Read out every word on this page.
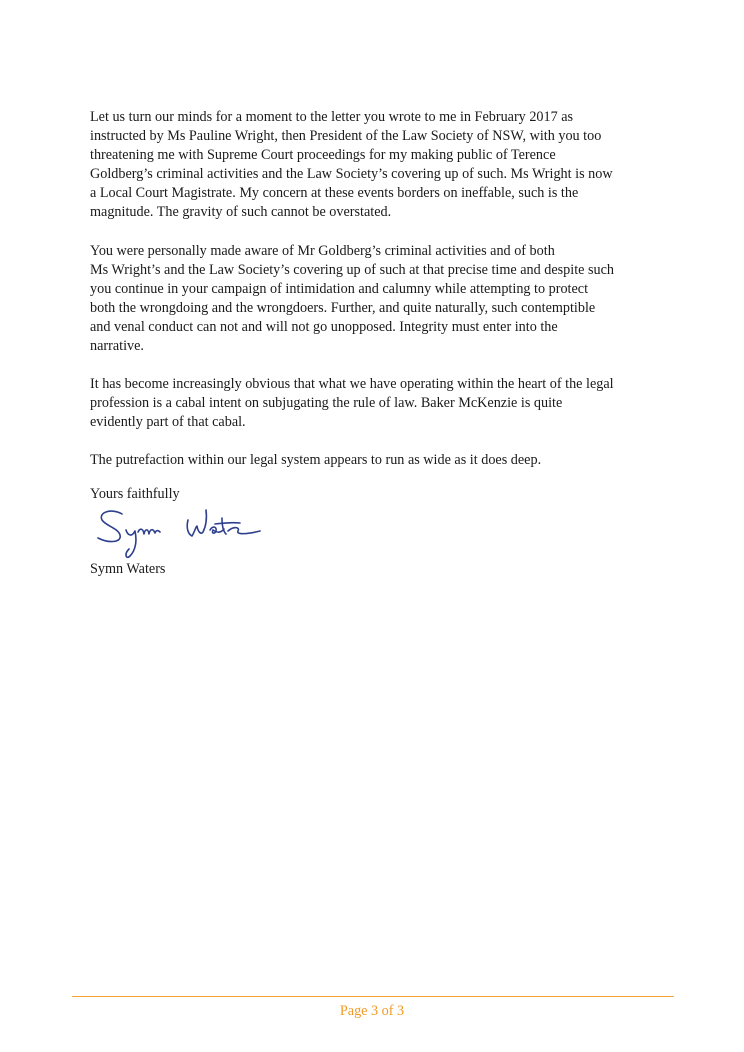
Let us turn our minds for a moment to the letter you wrote to me in February 2017 as
instructed by Ms Pauline Wright, then President of the Law Society of NSW, with you too
threatening me with Supreme Court proceedings for my making public of Terence
Goldberg’s criminal activities and the Law Society’s covering up of such. Ms Wright is now
a Local Court Magistrate. My concern at these events borders on ineffable, such is the
magnitude. The gravity of such cannot be overstated.

You were personally made aware of Mr Goldberg’s criminal activities and of both
Ms Wright’s and the Law Society’s covering up of such at that precise time and despite such
you continue in your campaign of intimidation and calumny while attempting to protect
both the wrongdoing and the wrongdoers. Further, and quite naturally, such contemptible
and venal conduct can not and will not go unopposed. Integrity must enter into the
narrative.

It has become increasingly obvious that what we have operating within the heart of the legal
profession is a cabal intent on subjugating the rule of law. Baker McKenzie is quite
evidently part of that cabal.

The putrefaction within our legal system appears to run as wide as it does deep.

Yours faithfully

Symn Waters

Page 3 of 3
